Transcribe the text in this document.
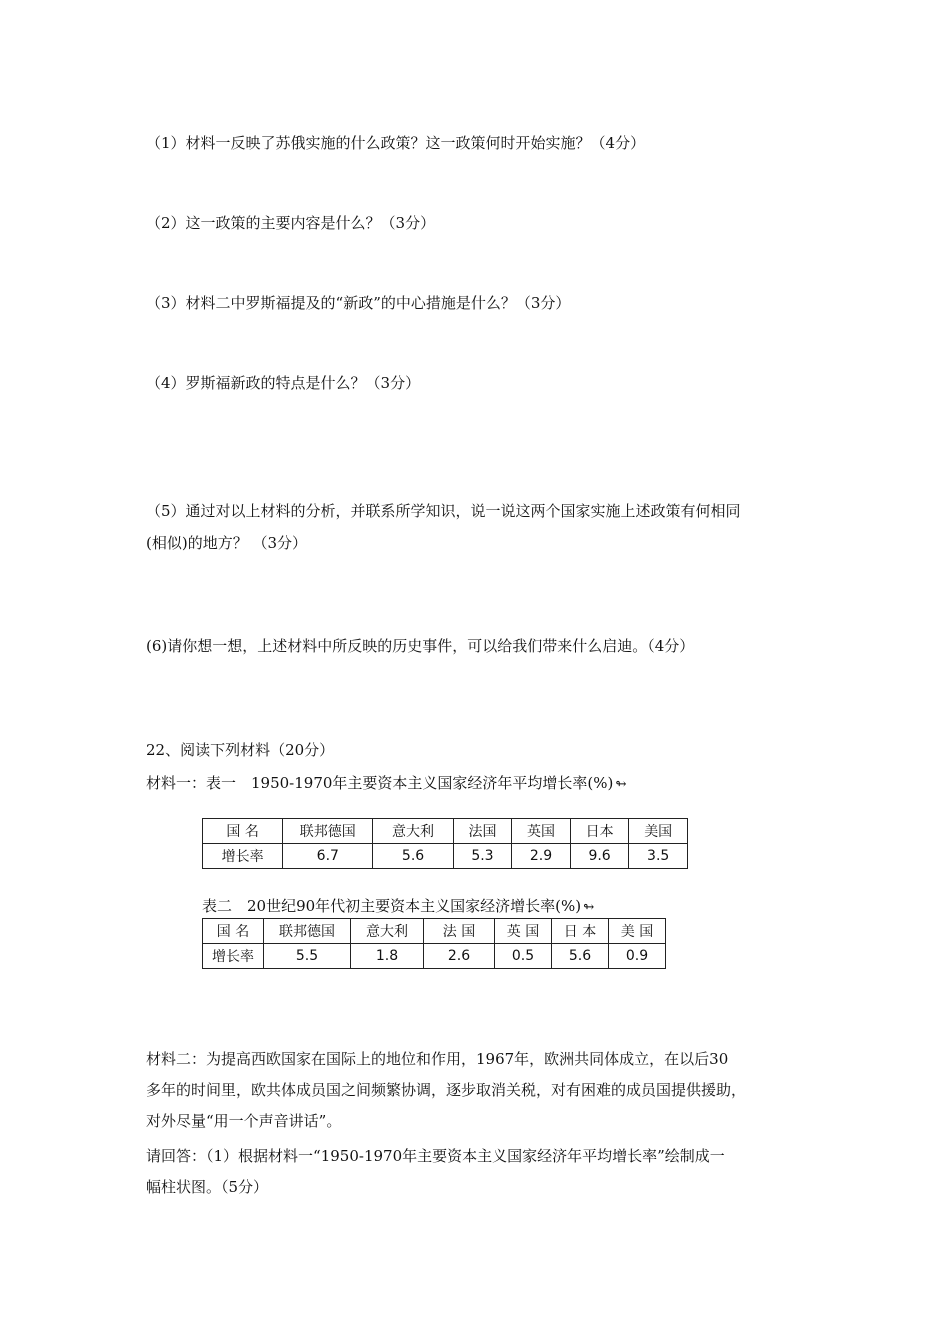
（1）材料一反映了苏俄实施的什么政策？这一政策何时开始实施？（4分）
（2）这一政策的主要内容是什么？（3分）
（3）材料二中罗斯福提及的“新政”的中心措施是什么？（3分）
（4）罗斯福新政的特点是什么？（3分）
（5）通过对以上材料的分析，并联系所学知识，说一说这两个国家实施上述政策有何相同
(相似)的地方？ （3分）
(6)请你想一想，上述材料中所反映的历史事件，可以给我们带来什么启迪。（4分）
22、阅读下列材料（20分）
材料一：表一　1950-1970年主要资本主义国家经济年平均增长率(%) ↬
国 名	联邦德国	意大利	法国	英国	日本	美国
增长率	6.7	5.6	5.3	2.9	9.6	3.5
表二　20世纪90年代初主要资本主义国家经济增长率(%) ↬
国 名	联邦德国	意大利	法 国	英 国	日 本	美 国
增长率	5.5	1.8	2.6	0.5	5.6	0.9
材料二：为提高西欧国家在国际上的地位和作用，1967年，欧洲共同体成立，在以后30
多年的时间里，欧共体成员国之间频繁协调，逐步取消关税，对有困难的成员国提供援助，
对外尽量“用一个声音讲话”。
请回答：（1）根据材料一“1950-1970年主要资本主义国家经济年平均增长率”绘制成一
幅柱状图。（5分）
